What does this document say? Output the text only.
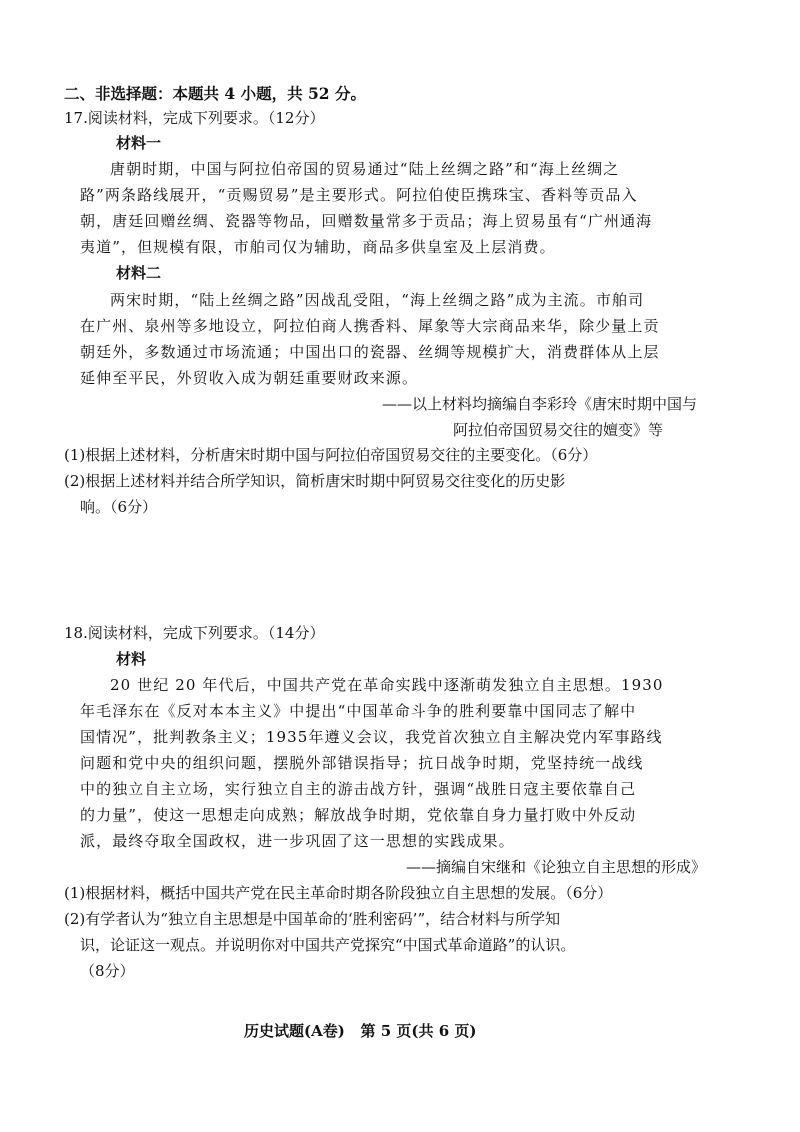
二、非选择题：本题共 4 小题，共 52 分。
17.阅读材料，完成下列要求。（12分）
材料一
唐朝时期，中国与阿拉伯帝国的贸易通过“陆上丝绸之路”和“海上丝绸之
路”两条路线展开，“贡赐贸易”是主要形式。阿拉伯使臣携珠宝、香料等贡品入
朝，唐廷回赠丝绸、瓷器等物品，回赠数量常多于贡品；海上贸易虽有“广州通海
夷道”，但规模有限，市舶司仅为辅助，商品多供皇室及上层消费。
材料二
两宋时期，“陆上丝绸之路”因战乱受阻，“海上丝绸之路”成为主流。市舶司
在广州、泉州等多地设立，阿拉伯商人携香料、犀象等大宗商品来华，除少量上贡
朝廷外，多数通过市场流通；中国出口的瓷器、丝绸等规模扩大，消费群体从上层
延伸至平民，外贸收入成为朝廷重要财政来源。
——以上材料均摘编自李彩玲《唐宋时期中国与
阿拉伯帝国贸易交往的嬗变》等
(1)根据上述材料，分析唐宋时期中国与阿拉伯帝国贸易交往的主要变化。（6分）
(2)根据上述材料并结合所学知识，简析唐宋时期中阿贸易交往变化的历史影
响。（6分）
18.阅读材料，完成下列要求。（14分）
材料
20 世纪 20 年代后，中国共产党在革命实践中逐渐萌发独立自主思想。1930
年毛泽东在《反对本本主义》中提出“中国革命斗争的胜利要靠中国同志了解中
国情况”，批判教条主义；1935年遵义会议，我党首次独立自主解决党内军事路线
问题和党中央的组织问题，摆脱外部错误指导；抗日战争时期，党坚持统一战线
中的独立自主立场，实行独立自主的游击战方针，强调“战胜日寇主要依靠自己
的力量”，使这一思想走向成熟；解放战争时期，党依靠自身力量打败中外反动
派，最终夺取全国政权，进一步巩固了这一思想的实践成果。
——摘编自宋继和《论独立自主思想的形成》
(1)根据材料，概括中国共产党在民主革命时期各阶段独立自主思想的发展。（6分）
(2)有学者认为“独立自主思想是中国革命的‘胜利密码’”，结合材料与所学知
识，论证这一观点。并说明你对中国共产党探究“中国式革命道路”的认识。
（8分）
历史试题(A卷)   第 5 页(共 6 页)
